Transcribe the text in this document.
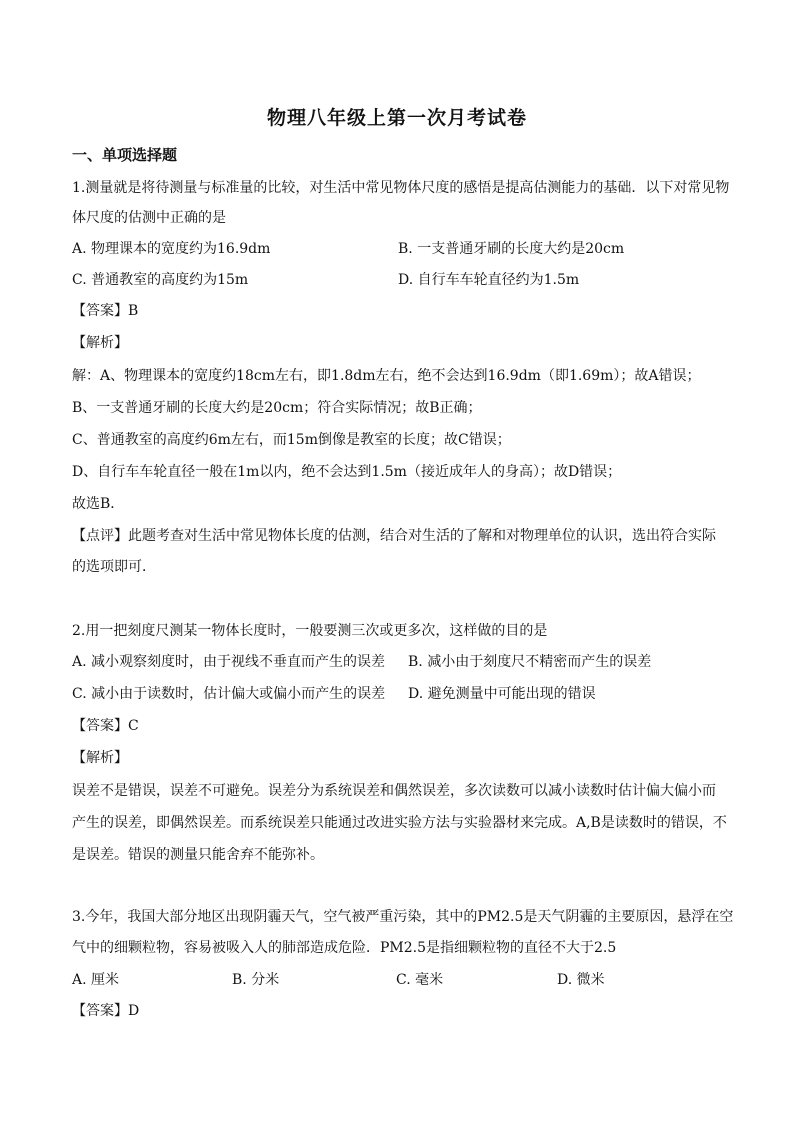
物理八年级上第一次月考试卷
一、单项选择题
1.测量就是将待测量与标准量的比较，对生活中常见物体尺度的感悟是提高估测能力的基础．以下对常见物
体尺度的估测中正确的是
A. 物理课本的宽度约为16.9dm	B. 一支普通牙刷的长度大约是20cm
C. 普通教室的高度约为15m	D. 自行车车轮直径约为1.5m
【答案】B
【解析】
解：A、物理课本的宽度约18cm左右，即1.8dm左右，绝不会达到16.9dm（即1.69m）；故A错误；
B、一支普通牙刷的长度大约是20cm；符合实际情况；故B正确；
C、普通教室的高度约6m左右，而15m倒像是教室的长度；故C错误；
D、自行车车轮直径一般在1m以内，绝不会达到1.5m（接近成年人的身高）；故D错误；
故选B．
【点评】此题考查对生活中常见物体长度的估测，结合对生活的了解和对物理单位的认识，选出符合实际
的选项即可．
2.用一把刻度尺测某一物体长度时，一般要测三次或更多次，这样做的目的是
A. 减小观察刻度时，由于视线不垂直而产生的误差 B. 减小由于刻度尺不精密而产生的误差
C. 减小由于读数时，估计偏大或偏小而产生的误差 D. 避免测量中可能出现的错误
【答案】C
【解析】
误差不是错误，误差不可避免。误差分为系统误差和偶然误差，多次读数可以减小读数时估计偏大偏小而
产生的误差，即偶然误差。而系统误差只能通过改进实验方法与实验器材来完成。A,B是读数时的错误，不
是误差。错误的测量只能舍弃不能弥补。
3.今年，我国大部分地区出现阴霾天气，空气被严重污染，其中的PM2.5是天气阴霾的主要原因，悬浮在空
气中的细颗粒物，容易被吸入人的肺部造成危险．PM2.5是指细颗粒物的直径不大于2.5
A. 厘米	B. 分米	C. 毫米	D. 微米
【答案】D
